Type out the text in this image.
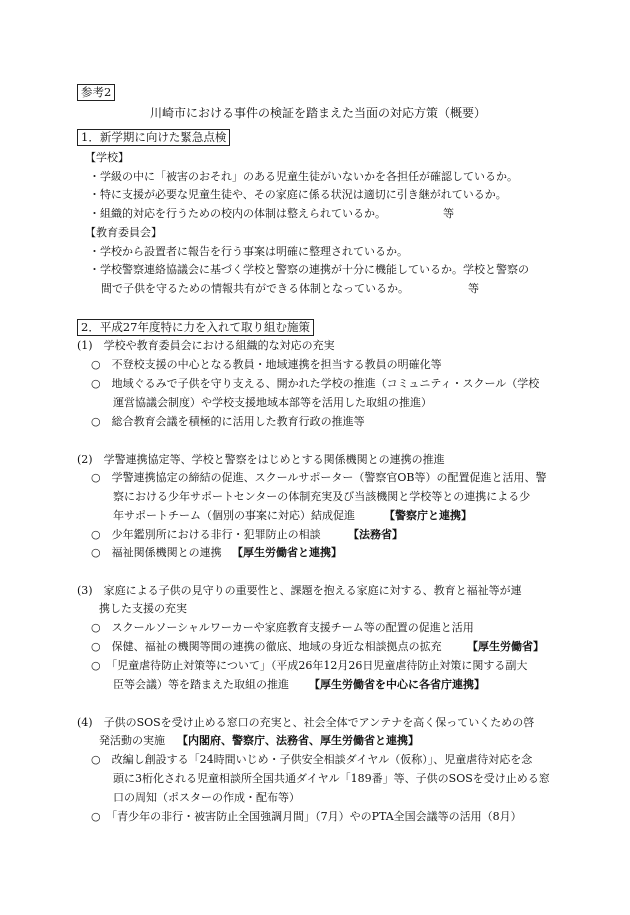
参考2
川崎市における事件の検証を踏まえた当面の対応方策（概要）
1．新学期に向けた緊急点検
【学校】
・学級の中に「被害のおそれ」のある児童生徒がいないかを各担任が確認しているか。
・特に支援が必要な児童生徒や、その家庭に係る状況は適切に引き継がれているか。
・組織的対応を行うための校内の体制は整えられているか。	等
【教育委員会】
・学校から設置者に報告を行う事案は明確に整理されているか。
・学校警察連絡協議会に基づく学校と警察の連携が十分に機能しているか。学校と警察の
間で子供を守るための情報共有ができる体制となっているか。	等
2．平成27年度特に力を入れて取り組む施策
(1)　学校や教育委員会における組織的な対応の充実
○　不登校支援の中心となる教員・地域連携を担当する教員の明確化等
○　地域ぐるみで子供を守り支える、開かれた学校の推進（コミュニティ・スクール（学校
運営協議会制度）や学校支援地域本部等を活用した取組の推進）
○　総合教育会議を積極的に活用した教育行政の推進等
(2)　学警連携協定等、学校と警察をはじめとする関係機関との連携の推進
○　学警連携協定の締結の促進、スクールサポーター（警察官OB等）の配置促進と活用、警
察における少年サポートセンターの体制充実及び当該機関と学校等との連携による少
年サポートチーム（個別の事案に対応）結成促進	【警察庁と連携】
○　少年鑑別所における非行・犯罪防止の相談 【法務省】
○　福祉関係機関との連携 【厚生労働省と連携】
(3)　家庭による子供の見守りの重要性と、課題を抱える家庭に対する、教育と福祉等が連
携した支援の充実
○　スクールソーシャルワーカーや家庭教育支援チーム等の配置の促進と活用
○　保健、福祉の機関等間の連携の徹底、地域の身近な相談拠点の拡充 【厚生労働省】
○　「児童虐待防止対策等について」（平成26年12月26日児童虐待防止対策に関する副大
臣等会議）等を踏まえた取組の推進 【厚生労働省を中心に各省庁連携】
(4)　子供のSOSを受け止める窓口の充実と、社会全体でアンテナを高く保っていくための啓
発活動の実施 【内閣府、警察庁、法務省、厚生労働省と連携】
○　改編し創設する「24時間いじめ・子供安全相談ダイヤル（仮称）」、児童虐待対応を念
頭に3桁化される児童相談所全国共通ダイヤル「189番」等、子供のSOSを受け止める窓
口の周知（ポスターの作成・配布等）
○　「青少年の非行・被害防止全国強調月間」（7月）やのPTA全国会議等の活用（8月）
